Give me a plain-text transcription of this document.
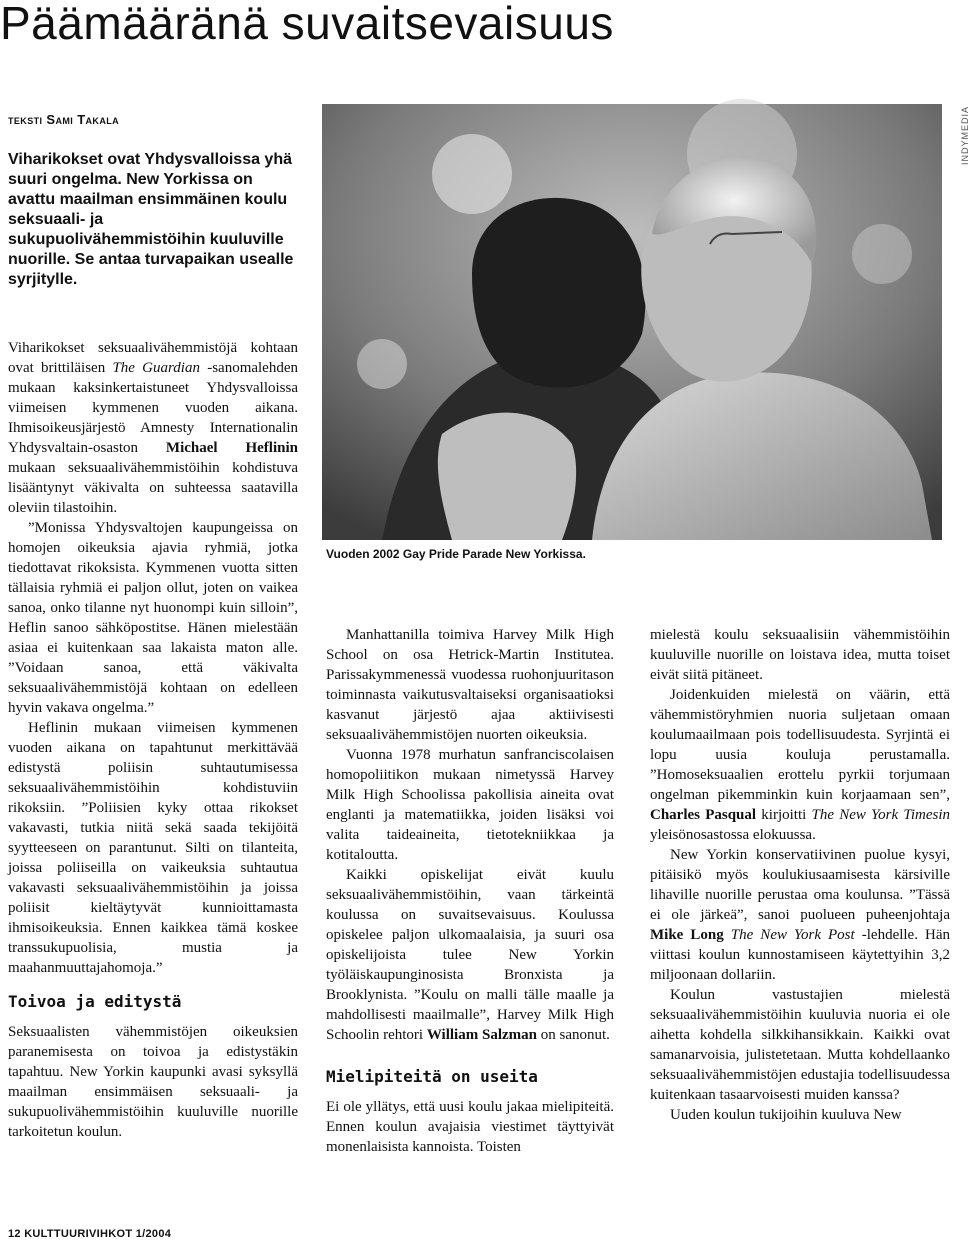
Päämääränä suvaitsevaisuus
teksti Sami Takala

Viharikokset ovat Yhdysvalloissa yhä suuri ongelma. New Yorkissa on avattu maailman ensimmäinen koulu seksuaali- ja sukupuolivähemmistöihin kuuluville nuorille. Se antaa turvapaikan usealle syrjitylle.

INDYMEDIA
Vuoden 2002 Gay Pride Parade New Yorkissa.

Viharikokset seksuaalivähemmistöjä kohtaan ovat brittiläisen The Guardian -sanomalehden mukaan kaksinkertaistuneet Yhdysvalloissa viimeisen kymmenen vuoden aikana. Ihmisoikeusjärjestö Amnesty Internationalin Yhdysvaltain-osaston Michael Heflinin mukaan seksuaalivähemmistöihin kohdistuva lisääntynyt väkivalta on suhteessa saatavilla oleviin tilastoihin.

”Monissa Yhdysvaltojen kaupungeissa on homojen oikeuksia ajavia ryhmiä, jotka tiedottavat rikoksista. Kymmenen vuotta sitten tällaisia ryhmiä ei paljon ollut, joten on vaikea sanoa, onko tilanne nyt huonompi kuin silloin”, Heflin sanoo sähköpostitse. Hänen mielestään asiaa ei kuitenkaan saa lakaista maton alle. ”Voidaan sanoa, että väkivalta seksuaalivähemmistöjä kohtaan on edelleen hyvin vakava ongelma.”

Heflinin mukaan viimeisen kymmenen vuoden aikana on tapahtunut merkittävää edistystä poliisin suhtautumisessa seksuaalivähemmistöihin kohdistuviin rikoksiin. ”Poliisien kyky ottaa rikokset vakavasti, tutkia niitä sekä saada tekijöitä syytteeseen on parantunut. Silti on tilanteita, joissa poliiseilla on vaikeuksia suhtautua vakavasti seksuaalivähemmistöihin ja joissa poliisit kieltäytyvät kunnioittamasta ihmisoikeuksia. Ennen kaikkea tämä koskee transsukupuolisia, mustia ja maahanmuuttajahomoja.”

Toivoa ja editystä

Seksuaalisten vähemmistöjen oikeuksien paranemisesta on toivoa ja edistystäkin tapahtuu. New Yorkin kaupunki avasi syksyllä maailman ensimmäisen seksuaali- ja sukupuolivähemmistöihin kuuluville nuorille tarkoitetun koulun.

Manhattanilla toimiva Harvey Milk High School on osa Hetrick-Martin Institutea. Parissakymmenessä vuodessa ruohonjuuritason toiminnasta vaikutusvaltaiseksi organisaatioksi kasvanut järjestö ajaa aktiivisesti seksuaalivähemmistöjen nuorten oikeuksia.

Vuonna 1978 murhatun sanfranciscolaisen homopoliitikon mukaan nimetyssä Harvey Milk High Schoolissa pakollisia aineita ovat englanti ja matematiikka, joiden lisäksi voi valita taideaineita, tietotekniikkaa ja kotitaloutta.

Kaikki opiskelijat eivät kuulu seksuaalivähemmistöihin, vaan tärkeintä koulussa on suvaitsevaisuus. Koulussa opiskelee paljon ulkomaalaisia, ja suuri osa opiskelijoista tulee New Yorkin työläiskaupunginosista Bronxista ja Brooklynista. ”Koulu on malli tälle maalle ja mahdollisesti maailmalle”, Harvey Milk High Schoolin rehtori William Salzman on sanonut.

Mielipiteitä on useita

Ei ole yllätys, että uusi koulu jakaa mielipiteitä. Ennen koulun avajaisia viestimet täyttyivät monenlaisista kannoista. Toisten

mielestä koulu seksuaalisiin vähemmistöihin kuuluville nuorille on loistava idea, mutta toiset eivät siitä pitäneet.

Joidenkuiden mielestä on väärin, että vähemmistöryhmien nuoria suljetaan omaan koulumaailmaan pois todellisuudesta. Syrjintä ei lopu uusia kouluja perustamalla. ”Homoseksuaalien erottelu pyrkii torjumaan ongelman pikemminkin kuin korjaamaan sen”, Charles Pasqual kirjoitti The New York Timesin yleisönosastossa elokuussa.

New Yorkin konservatiivinen puolue kysyi, pitäisikö myös koulukiusaamisesta kärsiville lihaville nuorille perustaa oma koulunsa. ”Tässä ei ole järkeä”, sanoi puolueen puheenjohtaja Mike Long The New York Post -lehdelle. Hän viittasi koulun kunnostamiseen käytettyihin 3,2 miljoonaan dollariin.

Koulun vastustajien mielestä seksuaalivähemmistöihin kuuluvia nuoria ei ole aihetta kohdella silkkihansikkain. Kaikki ovat samanarvoisia, julistetetaan. Mutta kohdellaanko seksuaalivähemmistöjen edustajia todellisuudessa kuitenkaan tasaarvoisesti muiden kanssa?

Uuden koulun tukijoihin kuuluva New

12 KULTTUURIVIHKOT 1/2004
